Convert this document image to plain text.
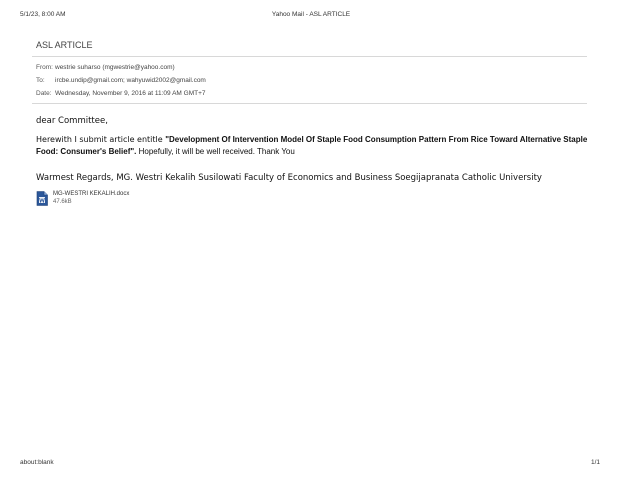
5/1/23, 8:00 AM	Yahoo Mail - ASL ARTICLE
ASL ARTICLE
From: westrie suharso (mgwestrie@yahoo.com)
To: ircbe.undip@gmail.com; wahyuwid2002@gmail.com
Date: Wednesday, November 9, 2016 at 11:09 AM GMT+7
dear Committee,
Herewith I submit article entitle "Development Of Intervention Model Of Staple Food Consumption Pattern From Rice Toward Alternative Staple Food: Consumer's Belief". Hopefully, it will be well received. Thank You
Warmest Regards, MG. Westri Kekalih Susilowati Faculty of Economics and Business Soegijapranata Catholic University
MG-WESTRI KEKALIH.docx
47.6kB
about:blank	1/1
